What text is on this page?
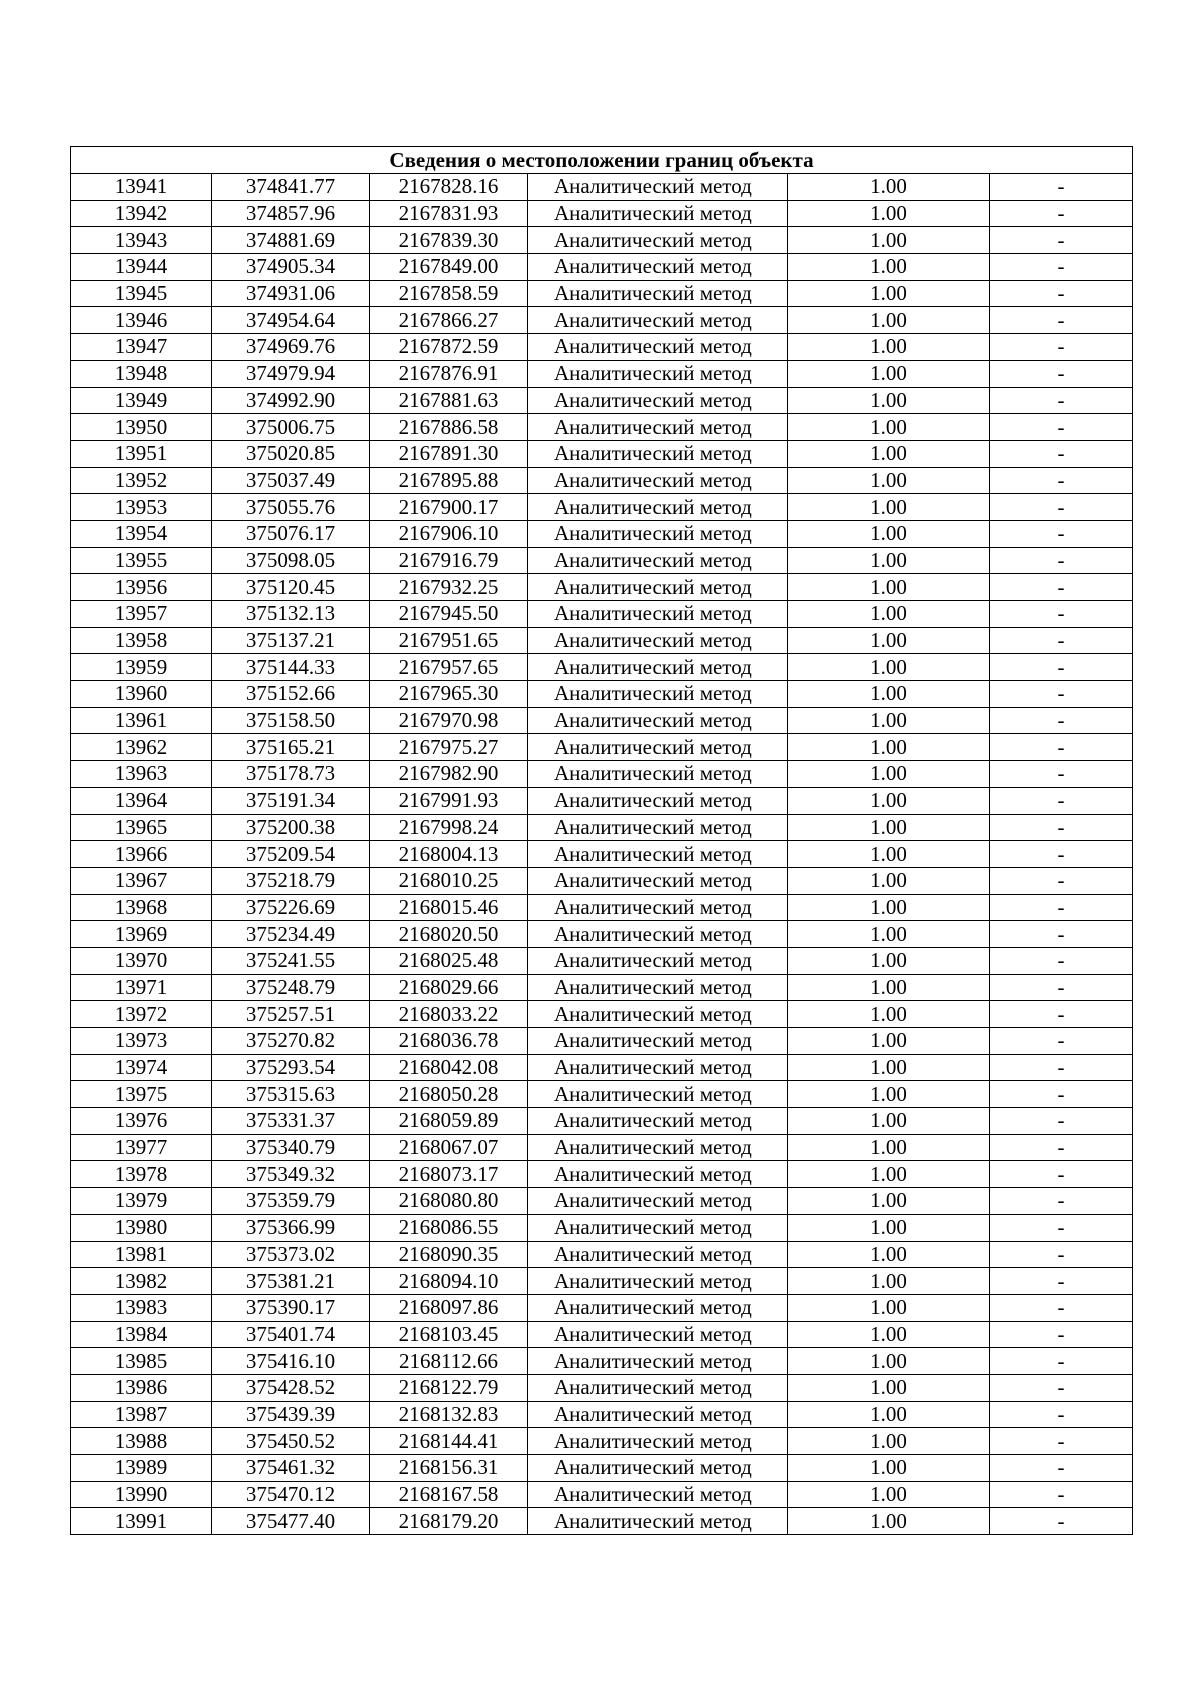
Сведения о местоположении границ объекта					
13941	374841.77	2167828.16	Аналитический метод	1.00	-
13942	374857.96	2167831.93	Аналитический метод	1.00	-
13943	374881.69	2167839.30	Аналитический метод	1.00	-
13944	374905.34	2167849.00	Аналитический метод	1.00	-
13945	374931.06	2167858.59	Аналитический метод	1.00	-
13946	374954.64	2167866.27	Аналитический метод	1.00	-
13947	374969.76	2167872.59	Аналитический метод	1.00	-
13948	374979.94	2167876.91	Аналитический метод	1.00	-
13949	374992.90	2167881.63	Аналитический метод	1.00	-
13950	375006.75	2167886.58	Аналитический метод	1.00	-
13951	375020.85	2167891.30	Аналитический метод	1.00	-
13952	375037.49	2167895.88	Аналитический метод	1.00	-
13953	375055.76	2167900.17	Аналитический метод	1.00	-
13954	375076.17	2167906.10	Аналитический метод	1.00	-
13955	375098.05	2167916.79	Аналитический метод	1.00	-
13956	375120.45	2167932.25	Аналитический метод	1.00	-
13957	375132.13	2167945.50	Аналитический метод	1.00	-
13958	375137.21	2167951.65	Аналитический метод	1.00	-
13959	375144.33	2167957.65	Аналитический метод	1.00	-
13960	375152.66	2167965.30	Аналитический метод	1.00	-
13961	375158.50	2167970.98	Аналитический метод	1.00	-
13962	375165.21	2167975.27	Аналитический метод	1.00	-
13963	375178.73	2167982.90	Аналитический метод	1.00	-
13964	375191.34	2167991.93	Аналитический метод	1.00	-
13965	375200.38	2167998.24	Аналитический метод	1.00	-
13966	375209.54	2168004.13	Аналитический метод	1.00	-
13967	375218.79	2168010.25	Аналитический метод	1.00	-
13968	375226.69	2168015.46	Аналитический метод	1.00	-
13969	375234.49	2168020.50	Аналитический метод	1.00	-
13970	375241.55	2168025.48	Аналитический метод	1.00	-
13971	375248.79	2168029.66	Аналитический метод	1.00	-
13972	375257.51	2168033.22	Аналитический метод	1.00	-
13973	375270.82	2168036.78	Аналитический метод	1.00	-
13974	375293.54	2168042.08	Аналитический метод	1.00	-
13975	375315.63	2168050.28	Аналитический метод	1.00	-
13976	375331.37	2168059.89	Аналитический метод	1.00	-
13977	375340.79	2168067.07	Аналитический метод	1.00	-
13978	375349.32	2168073.17	Аналитический метод	1.00	-
13979	375359.79	2168080.80	Аналитический метод	1.00	-
13980	375366.99	2168086.55	Аналитический метод	1.00	-
13981	375373.02	2168090.35	Аналитический метод	1.00	-
13982	375381.21	2168094.10	Аналитический метод	1.00	-
13983	375390.17	2168097.86	Аналитический метод	1.00	-
13984	375401.74	2168103.45	Аналитический метод	1.00	-
13985	375416.10	2168112.66	Аналитический метод	1.00	-
13986	375428.52	2168122.79	Аналитический метод	1.00	-
13987	375439.39	2168132.83	Аналитический метод	1.00	-
13988	375450.52	2168144.41	Аналитический метод	1.00	-
13989	375461.32	2168156.31	Аналитический метод	1.00	-
13990	375470.12	2168167.58	Аналитический метод	1.00	-
13991	375477.40	2168179.20	Аналитический метод	1.00	-
